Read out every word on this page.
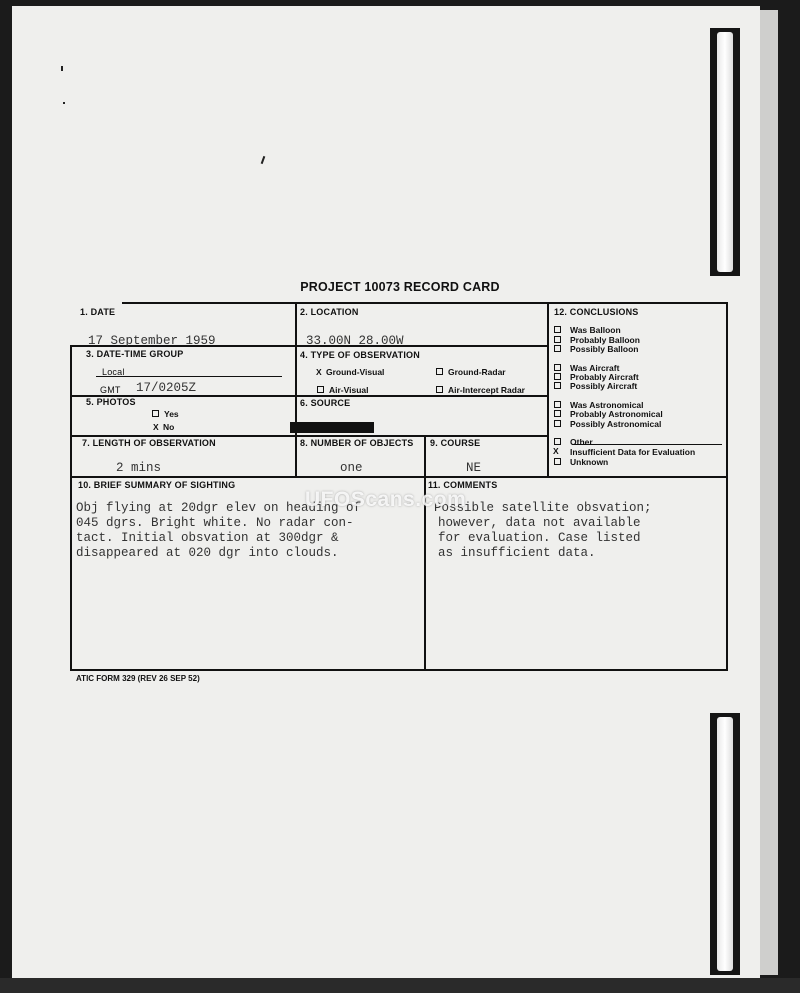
PROJECT 10073 RECORD CARD
1. DATE
17 September 1959
2. LOCATION
33.00N 28.00W
3. DATE-TIME GROUP
Local
GMT 17/0205Z
4. TYPE OF OBSERVATION
X Ground-Visual	Ground-Radar
Air-Visual	Air-Intercept Radar
5. PHOTOS
Yes
X No
6. SOURCE
7. LENGTH OF OBSERVATION
2 mins
8. NUMBER OF OBJECTS
one
9. COURSE
NE
12. CONCLUSIONS
Was Balloon
Probably Balloon
Possibly Balloon
Was Aircraft
Probably Aircraft
Possibly Aircraft
Was Astronomical
Probably Astronomical
Possibly Astronomical
Other
X Insufficient Data for Evaluation
Unknown
10. BRIEF SUMMARY OF SIGHTING
Obj flying at 20dgr elev on heading of
045 dgrs. Bright white. No radar con-
tact. Initial obsvation at 300dgr &
disappeared at 020 dgr into clouds.
11. COMMENTS
Possible satellite obsvation;
however, data not available
for evaluation. Case listed
as insufficient data.
UFOScans.com
ATIC FORM 329 (REV 26 SEP 52)
